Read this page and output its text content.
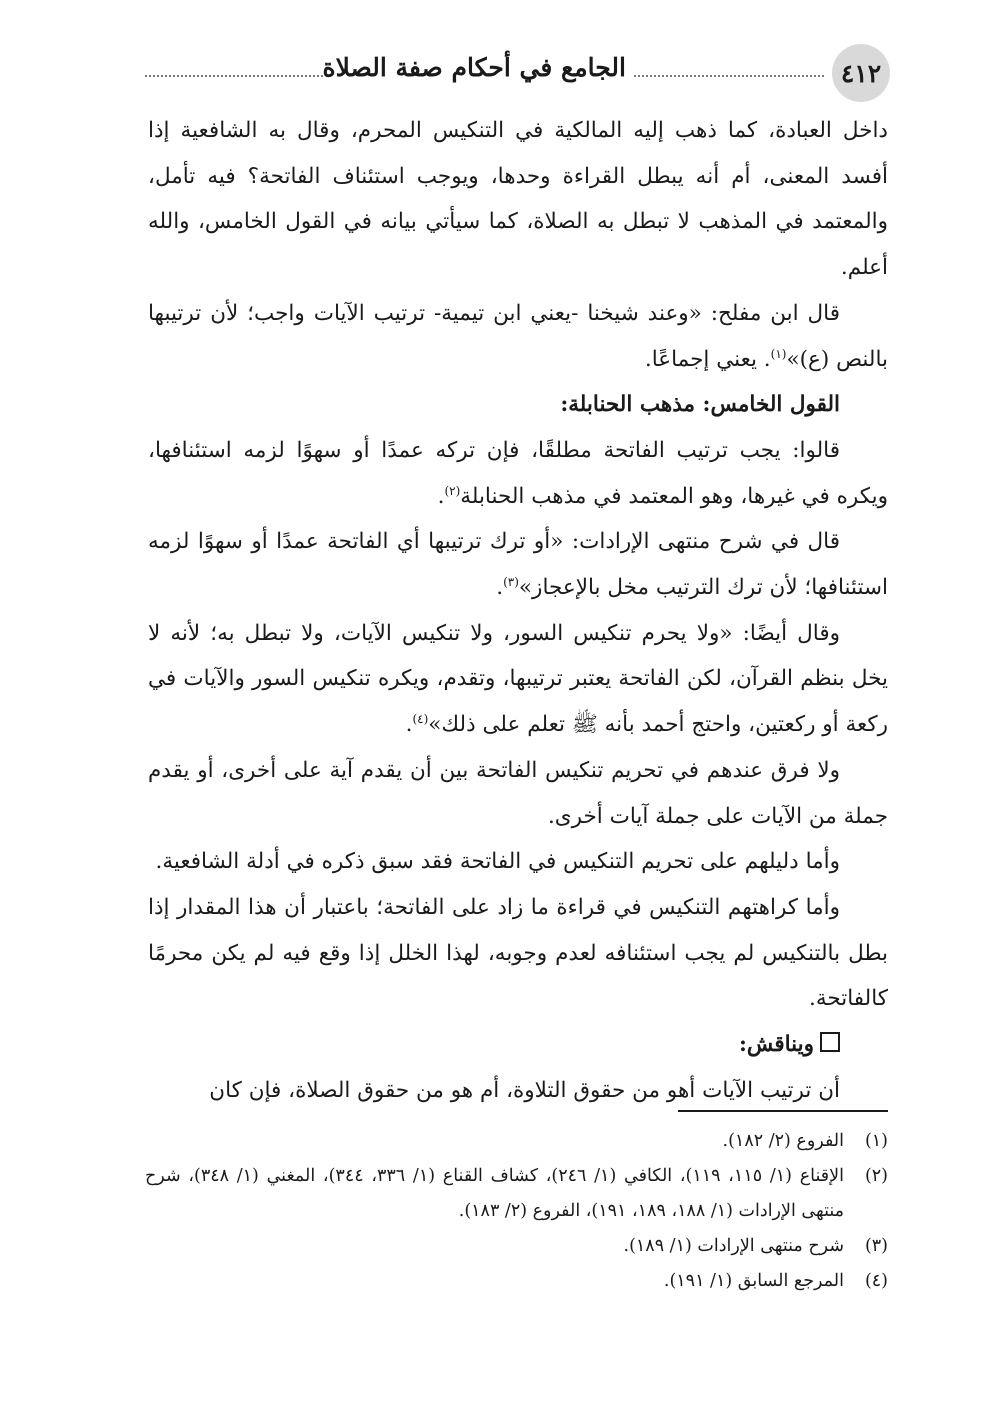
٤١٢
الجامع في أحكام صفة الصلاة

داخل العبادة، كما ذهب إليه المالكية في التنكيس المحرم، وقال به الشافعية إذا أفسد المعنى، أم أنه يبطل القراءة وحدها، ويوجب استئناف الفاتحة؟ فيه تأمل، والمعتمد في المذهب لا تبطل به الصلاة، كما سيأتي بيانه في القول الخامس، والله أعلم.

قال ابن مفلح: «وعند شيخنا -يعني ابن تيمية- ترتيب الآيات واجب؛ لأن ترتيبها بالنص (ع)»$^{(١)}$. يعني إجماعًا.

القول الخامس: مذهب الحنابلة:

قالوا: يجب ترتيب الفاتحة مطلقًا، فإن تركه عمدًا أو سهوًا لزمه استئنافها، ويكره في غيرها، وهو المعتمد في مذهب الحنابلة$^{(٢)}$.

قال في شرح منتهى الإرادات: «أو ترك ترتيبها أي الفاتحة عمدًا أو سهوًا لزمه استئنافها؛ لأن ترك الترتيب مخل بالإعجاز»$^{(٣)}$.

وقال أيضًا: «ولا يحرم تنكيس السور، ولا تنكيس الآيات، ولا تبطل به؛ لأنه لا يخل بنظم القرآن، لكن الفاتحة يعتبر ترتيبها، وتقدم، ويكره تنكيس السور والآيات في ركعة أو ركعتين، واحتج أحمد بأنه ﷺ تعلم على ذلك»$^{(٤)}$.

ولا فرق عندهم في تحريم تنكيس الفاتحة بين أن يقدم آية على أخرى، أو يقدم جملة من الآيات على جملة آيات أخرى.

وأما دليلهم على تحريم التنكيس في الفاتحة فقد سبق ذكره في أدلة الشافعية.

وأما كراهتهم التنكيس في قراءة ما زاد على الفاتحة؛ باعتبار أن هذا المقدار إذا بطل بالتنكيس لم يجب استئنافه لعدم وجوبه، لهذا الخلل إذا وقع فيه لم يكن محرمًا كالفاتحة.

ويناقش:

أن ترتيب الآيات أهو من حقوق التلاوة، أم هو من حقوق الصلاة، فإن كان

(١)
الفروع (٢/ ١٨٢).
(٢)
الإقناع (١/ ١١٥، ١١٩)، الكافي (١/ ٢٤٦)، كشاف القناع (١/ ٣٣٦، ٣٤٤)، المغني (١/ ٣٤٨)، شرح منتهى الإرادات (١/ ١٨٨، ١٨٩، ١٩١)، الفروع (٢/ ١٨٣).
(٣)
شرح منتهى الإرادات (١/ ١٨٩).
(٤)
المرجع السابق (١/ ١٩١).
